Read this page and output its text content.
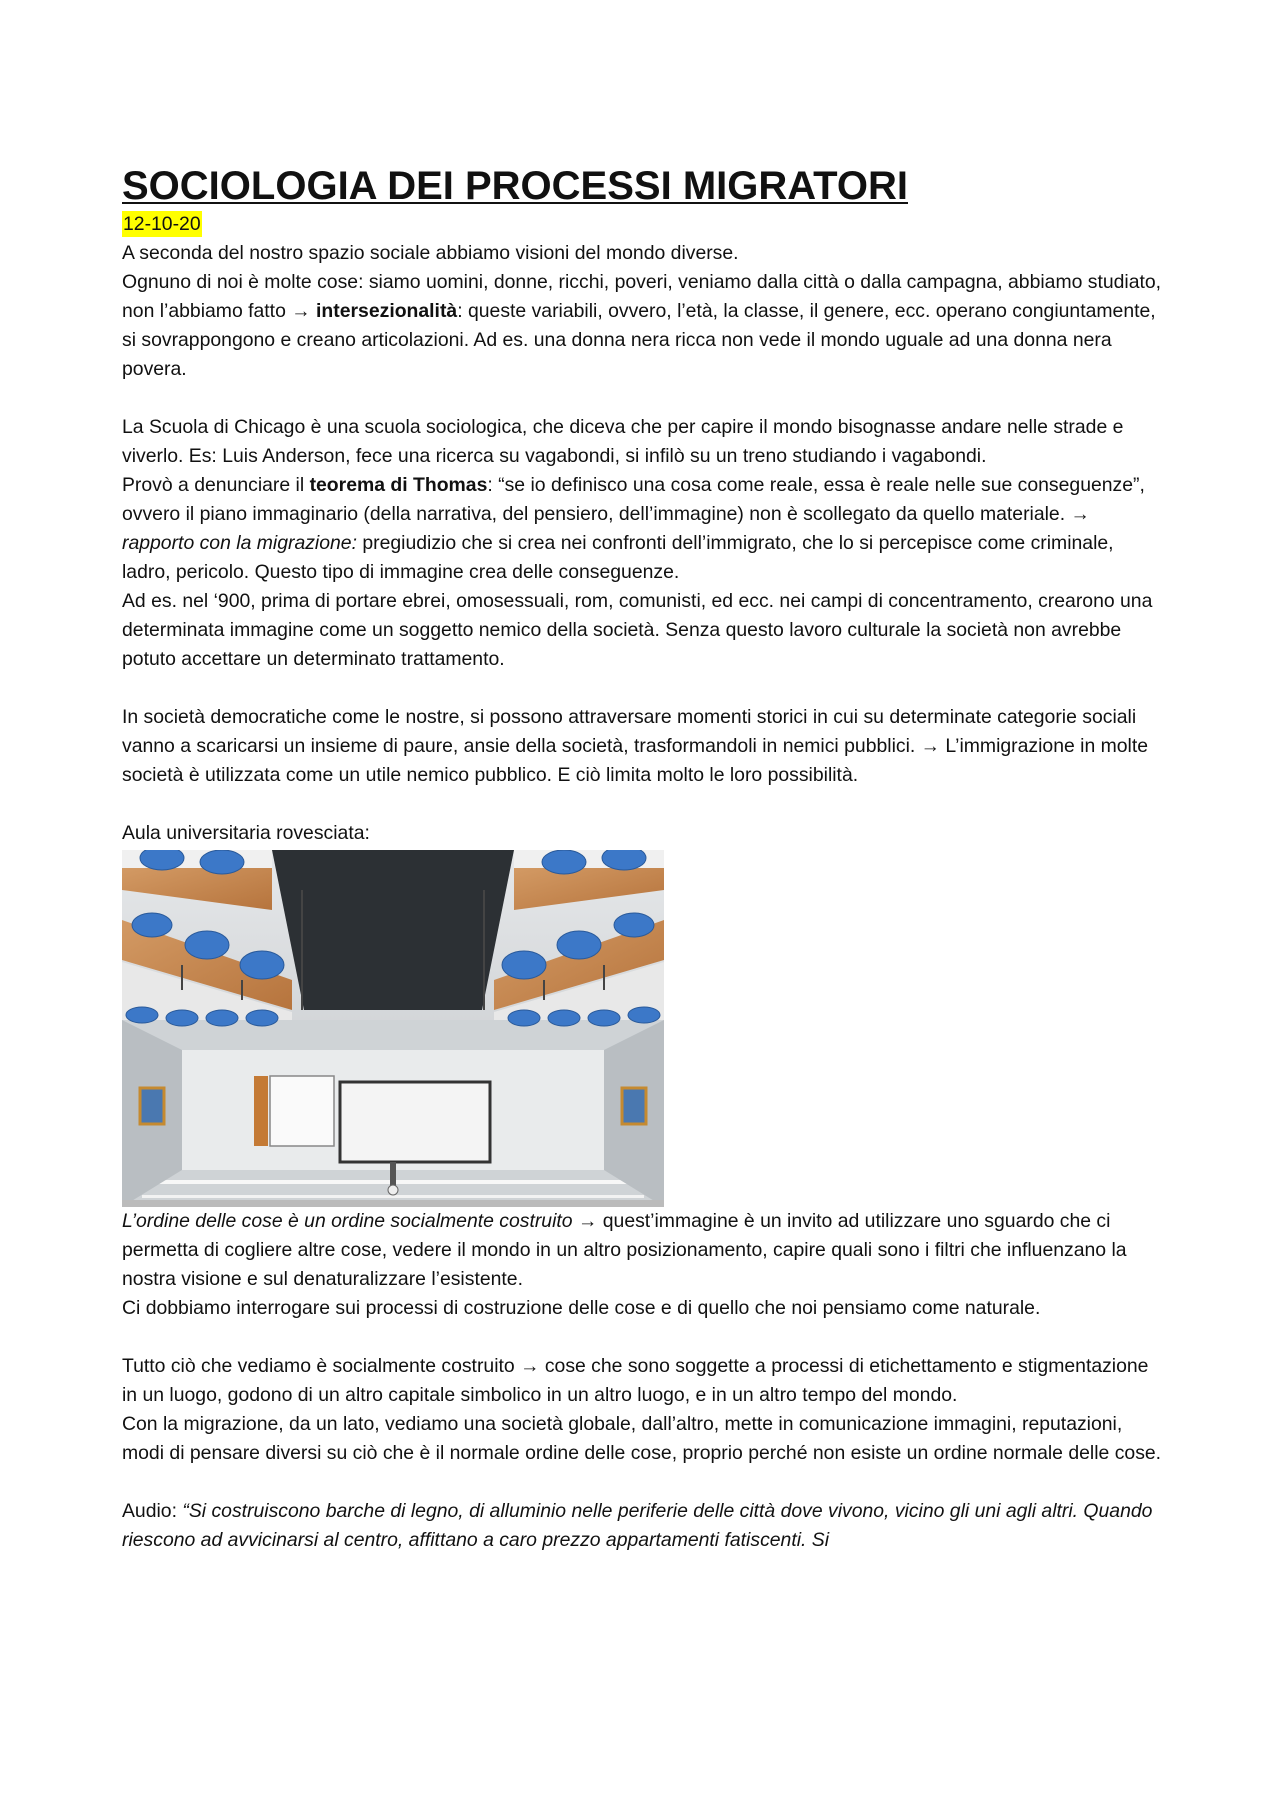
SOCIOLOGIA DEI PROCESSI MIGRATORI
12-10-20

A seconda del nostro spazio sociale abbiamo visioni del mondo diverse.
Ognuno di noi è molte cose: siamo uomini, donne, ricchi, poveri, veniamo dalla città o dalla campagna, abbiamo studiato, non l’abbiamo fatto → intersezionalità: queste variabili, ovvero, l’età, la classe, il genere, ecc. operano congiuntamente, si sovrappongono e creano articolazioni. Ad es. una donna nera ricca non vede il mondo uguale ad una donna nera povera.

La Scuola di Chicago è una scuola sociologica, che diceva che per capire il mondo bisognasse andare nelle strade e viverlo. Es: Luis Anderson, fece una ricerca su vagabondi, si infilò su un treno studiando i vagabondi.
Provò a denunciare il teorema di Thomas: “se io definisco una cosa come reale, essa è reale nelle sue conseguenze”, ovvero il piano immaginario (della narrativa, del pensiero, dell’immagine) non è scollegato da quello materiale. → rapporto con la migrazione: pregiudizio che si crea nei confronti dell’immigrato, che lo si percepisce come criminale, ladro, pericolo. Questo tipo di immagine crea delle conseguenze.
Ad es. nel ‘900, prima di portare ebrei, omosessuali, rom, comunisti, ed ecc. nei campi di concentramento, crearono una determinata immagine come un soggetto nemico della società. Senza questo lavoro culturale la società non avrebbe potuto accettare un determinato trattamento.

In società democratiche come le nostre, si possono attraversare momenti storici in cui su determinate categorie sociali vanno a scaricarsi un insieme di paure, ansie della società, trasformandoli in nemici pubblici. → L’immigrazione in molte società è utilizzata come un utile nemico pubblico. E ciò limita molto le loro possibilità.

Aula universitaria rovesciata:

L’ordine delle cose è un ordine socialmente costruito → quest’immagine è un invito ad utilizzare uno sguardo che ci permetta di cogliere altre cose, vedere il mondo in un altro posizionamento, capire quali sono i filtri che influenzano la nostra visione e sul denaturalizzare l’esistente.
Ci dobbiamo interrogare sui processi di costruzione delle cose e di quello che noi pensiamo come naturale.

Tutto ciò che vediamo è socialmente costruito → cose che sono soggette a processi di etichettamento e stigmentazione in un luogo, godono di un altro capitale simbolico in un altro luogo, e in un altro tempo del mondo.
Con la migrazione, da un lato, vediamo una società globale, dall’altro, mette in comunicazione immagini, reputazioni, modi di pensare diversi su ciò che è il normale ordine delle cose, proprio perché non esiste un ordine normale delle cose.

Audio: “Si costruiscono barche di legno, di alluminio nelle periferie delle città dove vivono, vicino gli uni agli altri. Quando riescono ad avvicinarsi al centro, affittano a caro prezzo appartamenti fatiscenti. Si
